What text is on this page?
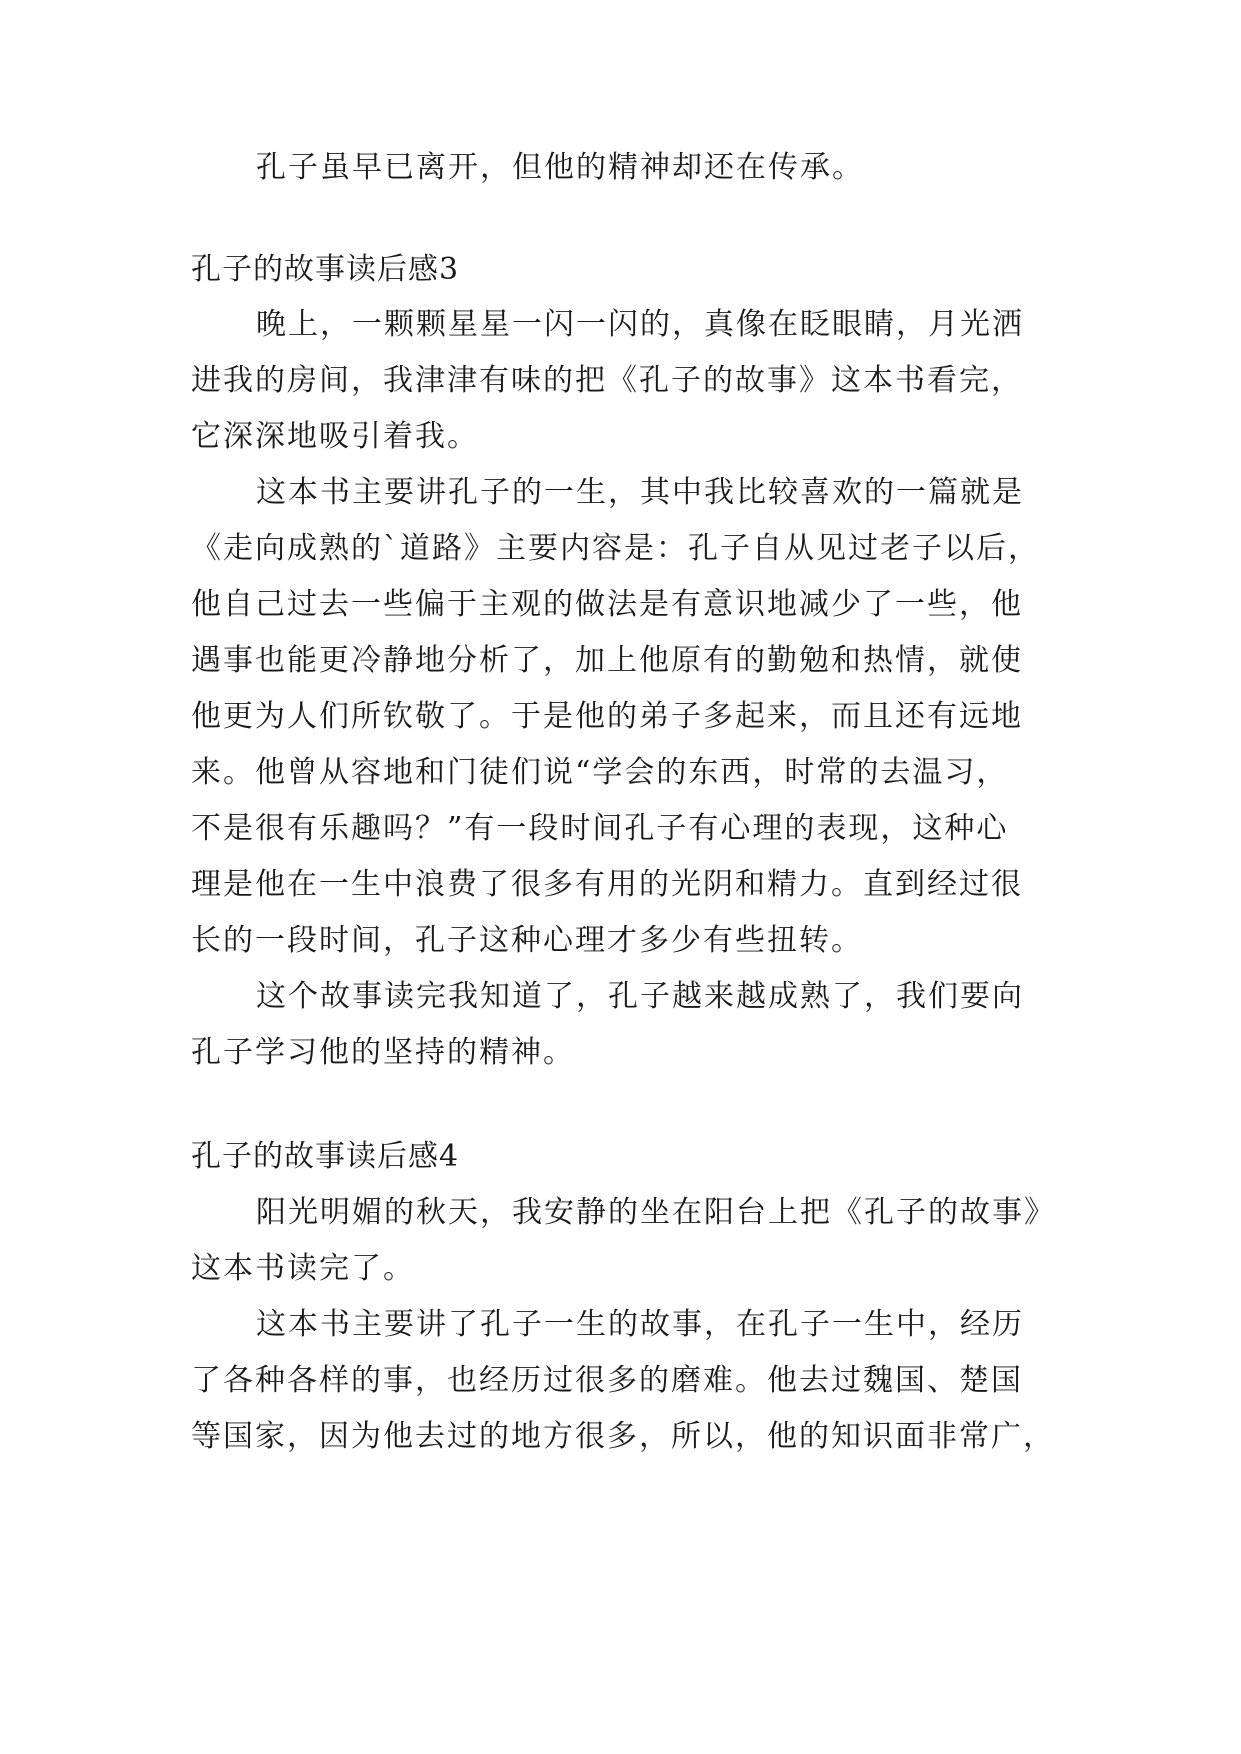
孔子虽早已离开，但他的精神却还在传承。
孔子的故事读后感3
晚上，一颗颗星星一闪一闪的，真像在眨眼睛，月光洒
进我的房间，我津津有味的把《孔子的故事》这本书看完，
它深深地吸引着我。
这本书主要讲孔子的一生，其中我比较喜欢的一篇就是
《走向成熟的`道路》主要内容是：孔子自从见过老子以后，
他自己过去一些偏于主观的做法是有意识地减少了一些，他
遇事也能更冷静地分析了，加上他原有的勤勉和热情，就使
他更为人们所钦敬了。于是他的弟子多起来，而且还有远地
来。他曾从容地和门徒们说“学会的东西，时常的去温习，
不是很有乐趣吗？”有一段时间孔子有心理的表现，这种心
理是他在一生中浪费了很多有用的光阴和精力。直到经过很
长的一段时间，孔子这种心理才多少有些扭转。
这个故事读完我知道了，孔子越来越成熟了，我们要向
孔子学习他的坚持的精神。
孔子的故事读后感4
阳光明媚的秋天，我安静的坐在阳台上把《孔子的故事》
这本书读完了。
这本书主要讲了孔子一生的故事，在孔子一生中，经历
了各种各样的事，也经历过很多的磨难。他去过魏国、楚国
等国家，因为他去过的地方很多，所以，他的知识面非常广，
